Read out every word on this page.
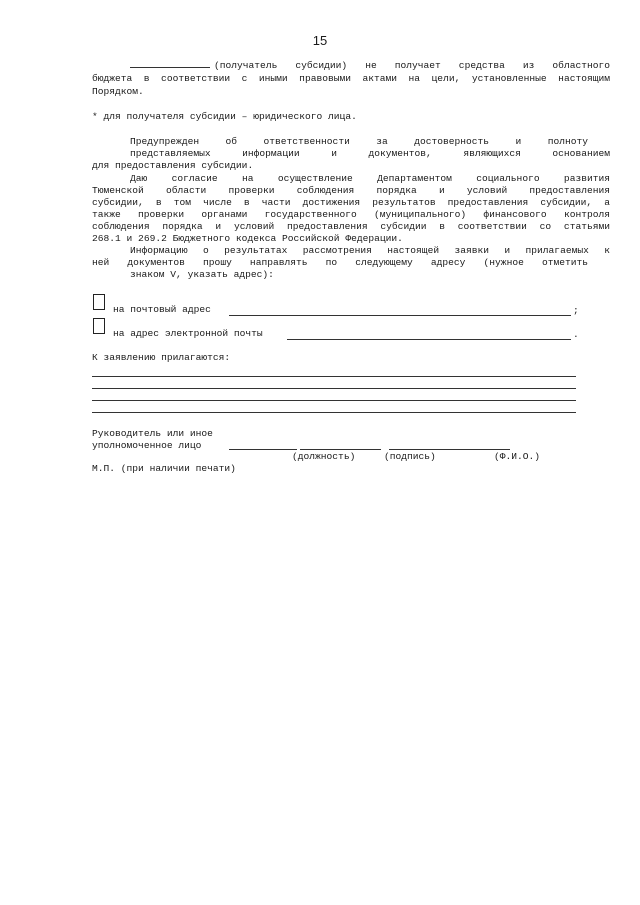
15
(получатель субсидии) не получает средства из областного
бюджета в соответствии с иными правовыми актами на цели, установленные настоящим
Порядком.
* для получателя субсидии – юридического лица.
Предупрежден об ответственности за достоверность и полноту
представляемых информации и документов, являющихся основанием
для предоставления субсидии.
Даю согласие на осуществление Департаментом социального развития
Тюменской области проверки соблюдения порядка и условий предоставления
субсидии, в том числе в части достижения результатов предоставления субсидии, а
также проверки органами государственного (муниципального) финансового контроля
соблюдения порядка и условий предоставления субсидии в соответствии со статьями
268.1 и 269.2 Бюджетного кодекса Российской Федерации.
Информацию о результатах рассмотрения настоящей заявки и прилагаемых к
ней документов прошу направлять по следующему адресу (нужное отметить
знаком V, указать адрес):
на почтовый адрес	;
на адрес электронной почты	.
К заявлению прилагаются:
Руководитель или иное
уполномоченное лицо
(должность)	(подпись)	(Ф.И.О.)
М.П. (при наличии печати)
